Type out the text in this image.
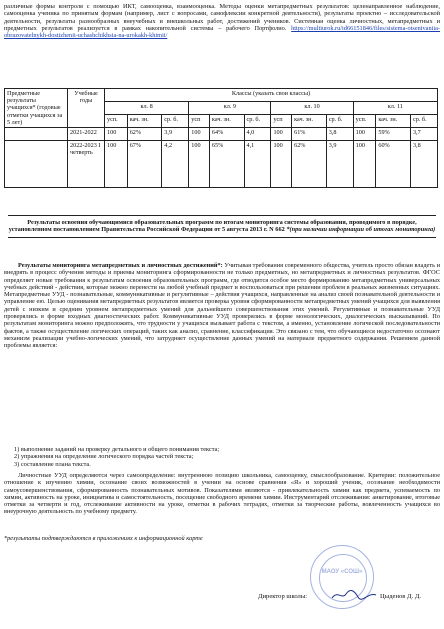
различные формы контроля с помощью ИКТ, самооценка, взаимооценка. Методы оценки метапредметных результатов: целенаправленное наблюдение, самооценка ученика по принятым формам (например, лист с вопросами, самофлексии конкретной деятельности), результаты проектно – исследовательской деятельности, результаты разнообразных внеучебных и внешкольных работ, достижений учеников. Системная оценка личностных, метапредметных и предметных результатов реализуется в рамках накопительной системы – рабочего Портфолио. https://multiurok.ru/id66151846/files/sistema-otsenivaniia-obrazovatelnykh-dostizhenii-uchashchikhsia-na-urokakh-khimii/
Предметные результаты учащихся* (годовые отметки учащихся за 5 лет)	Учебные годы	Классы (указать свои классы)											
		кл. 8			кл. 9			кл. 10			кл. 11		
		усп.	кач. зн.	ср. б.	усп	кач. зн.	ср. б.	усп	кач. зн.	ср. б.	усп.	кач. зн.	ср. б.
	2021-2022	100	62%	3,9	100	64%	4,0	100	61%	3,8	100	59%	3,7
	2022-2023 I четверть	100	67%	4,2	100	65%	4,1	100	62%	3,9	100	60%	3,8
Результаты освоения обучающимися образовательных программ по итогам мониторинга системы образования, проводимого в порядке, установленном постановлением Правительства Российской Федерации от 5 августа 2013 г. N 662 *(при наличии информации об итогах мониторинга)
Результаты мониторинга метапредметных и личностных достижений*: Учитывая требования современного общества, учитель просто обязан владеть и внедрять в процесс обучения методы и приемы мониторинга сформированности не только предметных, но метапредметных и личностных результатов. ФГОС определяет новые требования к результатам освоения образовательных программ, где отводится особое место формированию метапредметных универсальных учебных действий - действия, которые можно перенести на любой учебный предмет и воспользоваться при решении проблем в реальных жизненных ситуациях. Метапредметные УУД - познавательные, коммуникативные и регулятивные – действия учащихся, направленные на анализ своей познавательной деятельности и управление ею. Целью оценивания метапредметных результатов является проверка уровня сформированности метапредметных умений учащихся для выявления детей с низким и средним уровнем метапредметных умений для дальнейшего совершенствования этих умений. Регулятивные и познавательные УУД проверялись в форме входных диагностических работ. Коммуникативные УУД проверялись в форме монологических, диалогических высказываний. По результатам мониторинга можно предположить, что трудности у учащихся вызывает работа с текстом, а именно, установление логической последовательности фактов, а также осуществление логических операций, таких как анализ, сравнение, классификация. Это связано с тем, что обучающиеся недостаточно осознают механизм реализации учебно-логических умений, что затрудняет осуществление данных умений на материале предметного содержания. Решением данной проблемы является:
1) выполнение заданий на проверку детального и общего понимания текста;
2) упражнения на определение логического порядка частей текста;
3) составление плана текста.
Личностные УУД определяются через самоопределение: внутреннюю позицию школьника, самооценку, смыслообразование. Критерии: положительное отношение к изучению химии, осознание своих возможностей в учении на основе сравнения «Я» и хороший ученик, осознание необходимости самоусовершенствования, сформированность познавательных мотивов. Показателями являются - привлекательность химии как предмета, успеваемость по химии, активность на уроке, инициатива и самостоятельность, посещение свободного времени химии. Инструментарий отслеживания: анкетирование, итоговые отметки за четверти и год, отслеживание активности на уроке, отметки в рабочих тетрадях, отметки за творческие работы, вовлеченность учащихся во внеурочную деятельность по учебному предмету.
*результаты подтверждаются в приложениях к информационной карте
МАОУ «СОШ»
Директор школы:	Цыденов Д. Д.
